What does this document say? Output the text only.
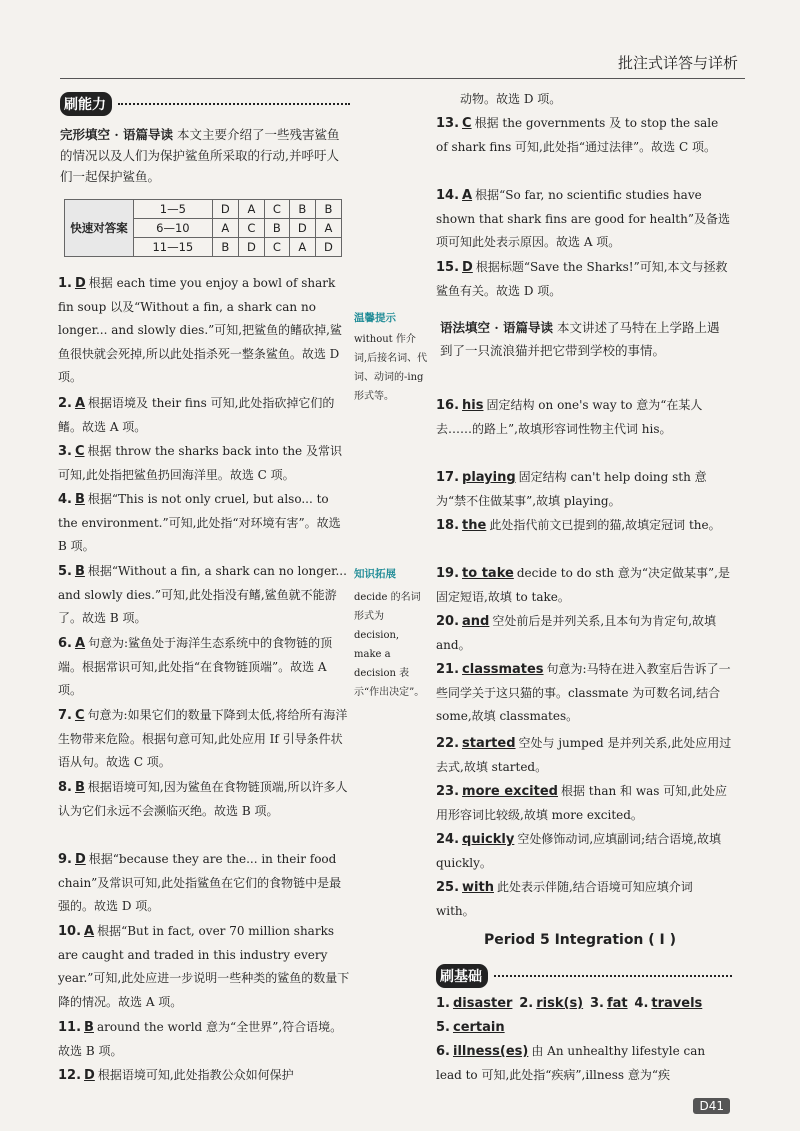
批注式详答与详析
刷能力
完形填空 · 语篇导读 本文主要介绍了一些残害鲨鱼的情况以及人们为保护鲨鱼所采取的行动,并呼吁人们一起保护鲨鱼。
快速对答案	1—5	D	A	C	B	B
	6—10	A	C	B	D	A
	11—15	B	D	C	A	D
1. D 根据 each time you enjoy a bowl of shark fin soup 以及“Without a fin, a shark can no longer... and slowly dies.”可知,把鲨鱼的鳍砍掉,鲨鱼很快就会死掉,所以此处指杀死一整条鲨鱼。故选 D 项。
2. A 根据语境及 their fins 可知,此处指砍掉它们的鳍。故选 A 项。
3. C 根据 throw the sharks back into the 及常识可知,此处指把鲨鱼扔回海洋里。故选 C 项。
4. B 根据“This is not only cruel, but also... to the environment.”可知,此处指“对环境有害”。故选 B 项。
5. B 根据“Without a fin, a shark can no longer... and slowly dies.”可知,此处指没有鳍,鲨鱼就不能游了。故选 B 项。
6. A 句意为:鲨鱼处于海洋生态系统中的食物链的顶端。根据常识可知,此处指“在食物链顶端”。故选 A 项。
7. C 句意为:如果它们的数量下降到太低,将给所有海洋生物带来危险。根据句意可知,此处应用 If 引导条件状语从句。故选 C 项。
8. B 根据语境可知,因为鲨鱼在食物链顶端,所以许多人认为它们永远不会濒临灭绝。故选 B 项。
9. D 根据“because they are the... in their food chain”及常识可知,此处指鲨鱼在它们的食物链中是最强的。故选 D 项。
10. A 根据“But in fact, over 70 million sharks are caught and traded in this industry every year.”可知,此处应进一步说明一些种类的鲨鱼的数量下降的情况。故选 A 项。
11. B around the world 意为“全世界”,符合语境。故选 B 项。
12. D 根据语境可知,此处指教公众如何保护
温馨提示
without 作介词,后接名词、代词、动词的-ing形式等。
知识拓展
decide 的名词形式为 decision, make a decision 表示“作出决定”。
动物。故选 D 项。
13. C 根据 the governments 及 to stop the sale of shark fins 可知,此处指“通过法律”。故选 C 项。
14. A 根据“So far, no scientific studies have shown that shark fins are good for health”及备选项可知此处表示原因。故选 A 项。
15. D 根据标题“Save the Sharks!”可知,本文与拯救鲨鱼有关。故选 D 项。
语法填空 · 语篇导读 本文讲述了马特在上学路上遇到了一只流浪猫并把它带到学校的事情。
16. his 固定结构 on one's way to 意为“在某人去……的路上”,故填形容词性物主代词 his。
17. playing 固定结构 can't help doing sth 意为“禁不住做某事”,故填 playing。
18. the 此处指代前文已提到的猫,故填定冠词 the。
19. to take decide to do sth 意为“决定做某事”,是固定短语,故填 to take。
20. and 空处前后是并列关系,且本句为肯定句,故填 and。
21. classmates 句意为:马特在进入教室后告诉了一些同学关于这只猫的事。classmate 为可数名词,结合 some,故填 classmates。
22. started 空处与 jumped 是并列关系,此处应用过去式,故填 started。
23. more excited 根据 than 和 was 可知,此处应用形容词比较级,故填 more excited。
24. quickly 空处修饰动词,应填副词;结合语境,故填 quickly。
25. with 此处表示伴随,结合语境可知应填介词 with。
Period 5 Integration ( Ⅰ )
刷基础
1. disaster 2. risk(s) 3. fat 4. travels
5. certain
6. illness(es) 由 An unhealthy lifestyle can lead to 可知,此处指“疾病”,illness 意为“疾
D41
